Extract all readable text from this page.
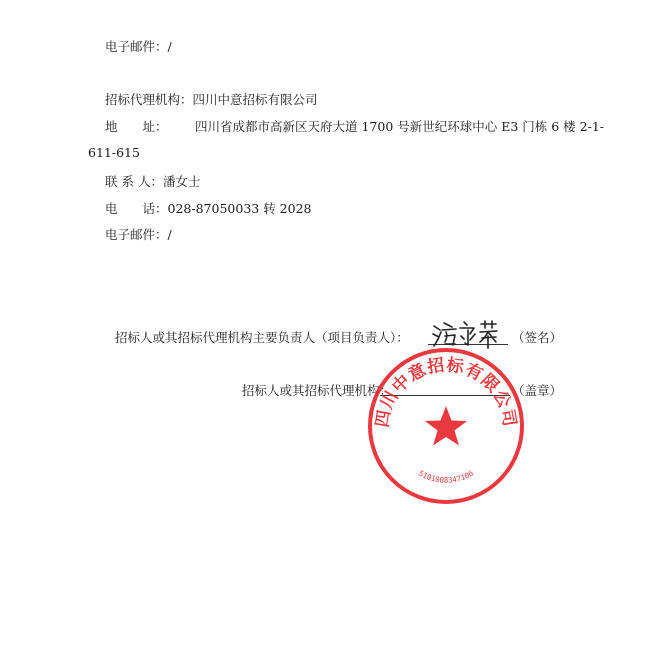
电子邮件：/
招标代理机构：四川中意招标有限公司
地　　址： 四川省成都市高新区天府大道 1700 号新世纪环球中心 E3 门栋 6 楼 2-1-
611-615
联 系 人：潘女士
电　　话：028-87050033 转 2028
电子邮件：/
招标人或其招标代理机构主要负责人（项目负责人）：	（签名）
招标人或其招标代理机构：	（盖章）
四川中意招标有限公司
5101008347106
